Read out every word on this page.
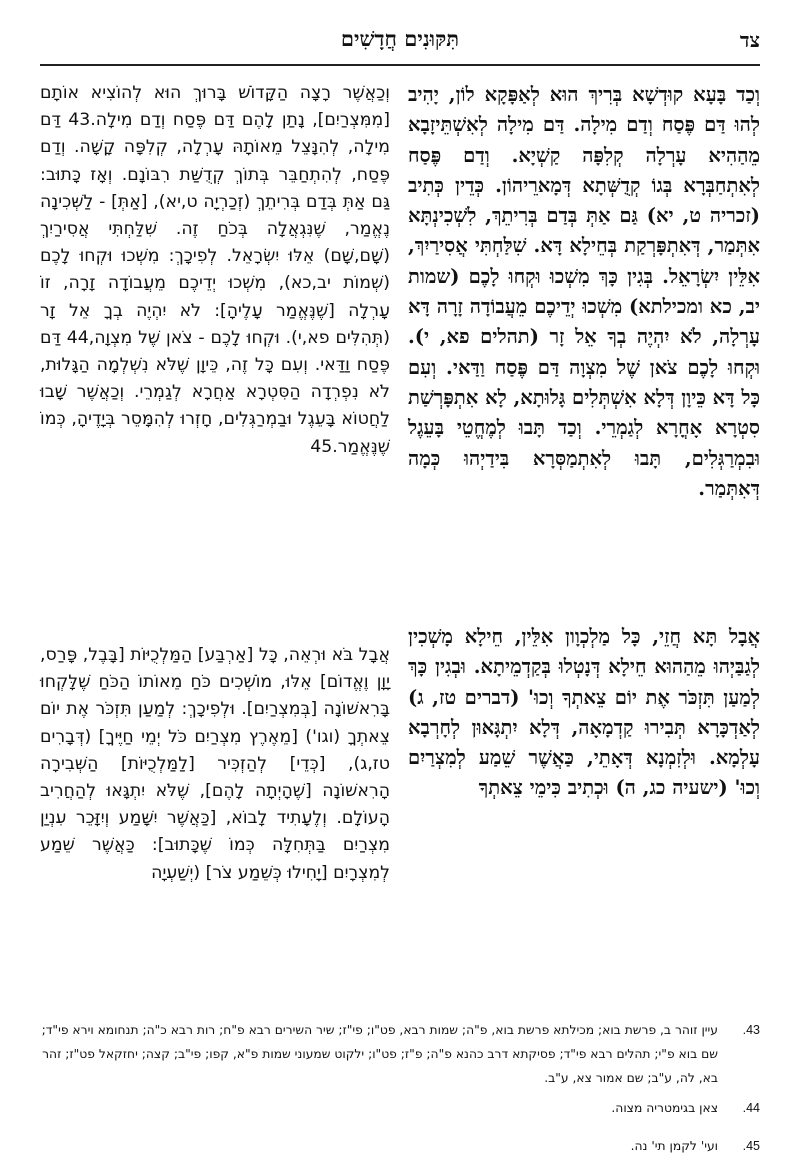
צד
תִּקּוּנִים חֲדָשִׁים

וְכַד בָּעָא קוּדְשָׁא בְּרִיךְ הוּא לְאַפָּקָא לוֹן, יָהִיב לְהוּ דַּם פֶּסַח וְדַם מִילָה. דַּם מִילָה לְאִשְׁתֵּיזָבָא מֵהַהִיא עָרְלָה קְלִפָּה קַשְׁיָא. וְדַם פֶּסַח לְאִתְחַבְּרָא בְּגוֹ קְדֻשְּׁתָא דְּמָארֵיהוֹן. כְּדֵין כְּתִיב (זכריה ט, יא) גַּם אַתְּ בְּדַם בְּרִיתֵךְ, לִשְׁכִינְתָּא אִתְּמַר, דְּאִתְפָּרְקַת בְּחֵילָא דָּא. שִׁלַּחְתִּי אֲסִירַיִךְ, אִלֵּין יִשְׂרָאֵל. בְּגִין כָּךְ מִשְׁכוּ וּקְחוּ לָכֶם (שמות יב, כא ומכילתא) מִשְׁכוּ יְדֵיכֶם מֵעֲבוֹדָה זָרָה דָּא עָרְלָה, לֹא יִהְיֶה בְךָ אֵל זָר (תהלים פא, י). וּקְחוּ לָכֶם צֹאן שֶׁל מִצְוָה דַּם פֶּסַח וַדַּאי. וְעִם כָּל דָּא כֵּיוָן דְּלָא אִשְׁתְּלִים גָּלוּתָא, לָא אִתְפָּרְשַׁת סִטְרָא אָחֳרָא לְגַמְרֵי. וְכַד תָּבוּ לְמֶחֱטֵי בָּעֵגֶל וּבִמְרַגְּלִים, תָּבוּ לְאִתְמַסְּרָא בִּידַיְהוּ כְּמָה דְּאִתְּמַר.

אֲבָל תָּא חֲזֵי, כָּל מַלְכְוָון אִלֵּין, חֵילָא מָשְׁכִין לְגַבַּיְהוּ מֵהַהוּא חֵילָא דְּנָטְלוּ בְּקַדְמֵיתָא. וּבְגִין כָּךְ לְמַעַן תִּזְכֹּר אֶת יוֹם צֵאתְךָ וְכוּ' (דברים טז, ג) לְאַדְכָּרָא תְּבִירוּ קַדְמָאָה, דְּלָא יִתְגָּאוּן לְחָרְבָא עָלְמָא. וּלְזִמְנָא דְּאָתֵי, כַּאֲשֶׁר שֵׁמַע לְמִצְרַיִם וְכוּ' (ישעיה כג, ה) וּכְתִיב כִּימֵי צֵאתְךָ

וְכַאֲשֶׁר רָצָה הַקָּדוֹשׁ בָּרוּךְ הוּא לְהוֹצִיא אוֹתָם [מִמִּצְרַיִם], נָתַן לָהֶם דַּם פֶּסַח וְדַם מִילָה.43 דַּם מִילָה, לְהִנָּצֵל מֵאוֹתָהּ עָרְלָה, קְלִפָּה קָשָׁה. וְדַם פֶּסַח, לְהִתְחַבֵּר בְּתוֹךְ קְדֻשַּׁת רִבּוֹנָם. וְאָז כָּתוּב: גַּם אַתְּ בְּדַם בְּרִיתֵךְ (זְכַרְיָה ט,יא), [אַתְּ] - לַשְּׁכִינָה נֶאֱמַר, שֶׁנִּגְאֲלָה בְּכֹחַ זֶה. שִׁלַּחְתִּי אֲסִירַיִךְ (שָׁם,שָׁם) אֵלּוּ יִשְׂרָאֵל. לְפִיכָךְ: מִשְׁכוּ וּקְחוּ לָכֶם (שְׁמוֹת יב,כא), מִשְׁכוּ יְדֵיכֶם מֵעֲבוֹדָה זָרָה, זוֹ עָרְלָה [שֶׁנֶּאֱמַר עָלֶיהָ]: לֹא יִהְיֶה בְךָ אֵל זָר (תְּהִלִּים פא,י). וּקְחוּ לָכֶם - צֹאן שֶׁל מִצְוָה,44 דַּם פֶּסַח וַדַּאי. וְעִם כָּל זֶה, כֵּיוָן שֶׁלֹּא נִשְׁלְמָה הַגָּלוּת, לֹא נִפְרְדָה הַסִּטְרָא אַחֲרָא לְגַמְרֵי. וְכַאֲשֶׁר שָׁבוּ לַחֲטוֹא בָּעֵגֶל וּבַמְרַגְּלִים, חָזְרוּ לְהִמָּסֵר בְּיָדֶיהָ, כְּמוֹ שֶׁנֶּאֱמַר.45

אֲבָל בֹּא וּרְאֵה, כָּל [אַרְבַּע] הַמַּלְכֻיּוֹת [בָּבֶל, פָּרַס, יָוָן וֶאֱדוֹם] אֵלּוּ, מוֹשְׁכִים כֹּחַ מֵאוֹתוֹ הַכֹּחַ שֶׁלָּקְחוּ בָּרִאשׁוֹנָה [בְּמִצְרַיִם]. וּלְפִיכָךְ: לְמַעַן תִּזְכֹּר אֶת יוֹם צֵאתְךָ (וגו') [מֵאֶרֶץ מִצְרַיִם כֹּל יְמֵי חַיֶּיךָ] (דְּבָרִים טז,ג), [כְּדֵי] לְהַזְכִּיר [לַמַּלְכֻיּוֹת] הַשְּׁבִירָה הָרִאשׁוֹנָה [שֶׁהָיְתָה לָהֶם], שֶׁלֹּא יִתְגָּאוּ לְהַחֲרִיב הָעוֹלָם. וְלֶעָתִיד לָבוֹא, [כַּאֲשֶׁר יִשָּׁמַע וְיִזָּכֵר עִנְיַן מִצְרַיִם בַּתְּחִלָּה כְּמוֹ שֶׁכָּתוּב]: כַּאֲשֶׁר שֵׁמַע לְמִצְרָיִם [יָחִילוּ כְּשֵׁמַע צֹר] (יְשַׁעְיָה

43.
עיין זוהר ב, פרשת בוא; מכילתא פרשת בוא, פ"ה; שמות רבא, פט"ו; פי"ז; שיר השירים רבא פ"ח; רות רבא כ"ה; תנחומא וירא פי"ד; שם בוא פ"י; תהלים רבא פי"ד; פסיקתא דרב כהנא פ"ה; פ"ז; פט"ו; ילקוט שמעוני שמות פ"א, קפו; פי"ב; קצה; יחזקאל פט"ז; זהר בא, לה, ע"ב; שם אמור צא, ע"ב.
44.
צאן בגימטריה מצוה.
45.
ועי' לקמן תי' נה.
